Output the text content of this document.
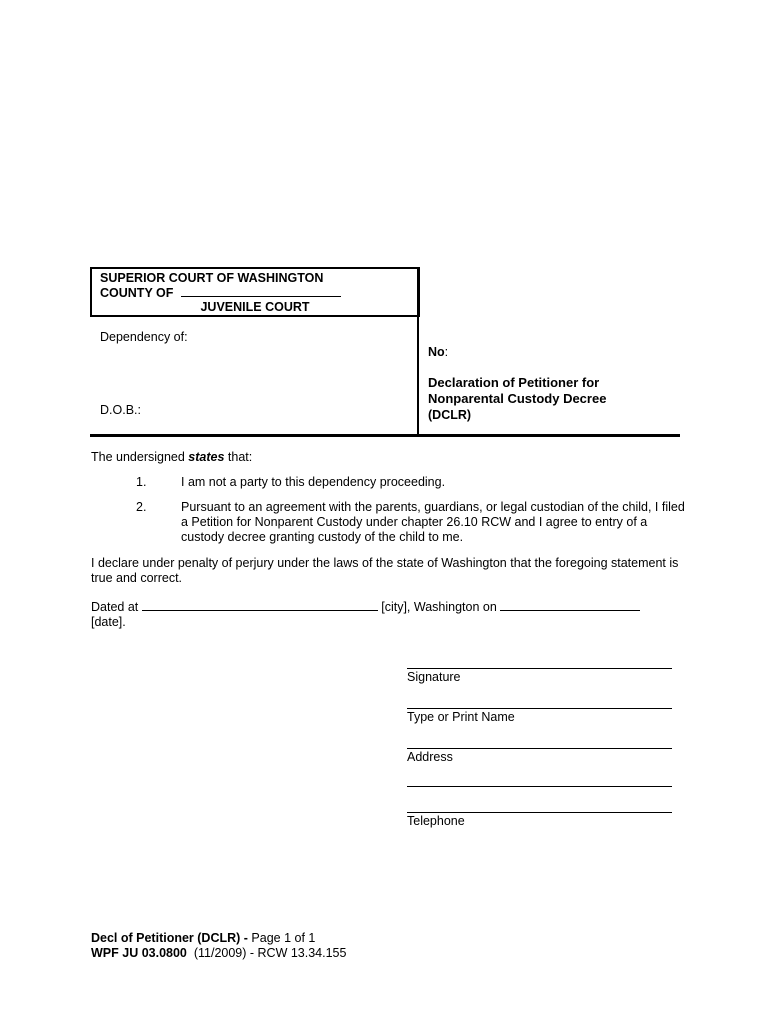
SUPERIOR COURT OF WASHINGTON
COUNTY OF
JUVENILE COURT
Dependency of:
D.O.B.:
No:
Declaration of Petitioner for
Nonparental Custody Decree
(DCLR)
The undersigned states that:
1.	I am not a party to this dependency proceeding.
2.	Pursuant to an agreement with the parents, guardians, or legal custodian of the child, I filed a Petition for Nonparent Custody under chapter 26.10 RCW and I agree to entry of a custody decree granting custody of the child to me.
I declare under penalty of perjury under the laws of the state of Washington that the foregoing statement is true and correct.
Dated at	[city], Washington on
[date].
Signature
Type or Print Name
Address
Telephone
Decl of Petitioner (DCLR) - Page 1 of 1
WPF JU 03.0800  (11/2009) - RCW 13.34.155
